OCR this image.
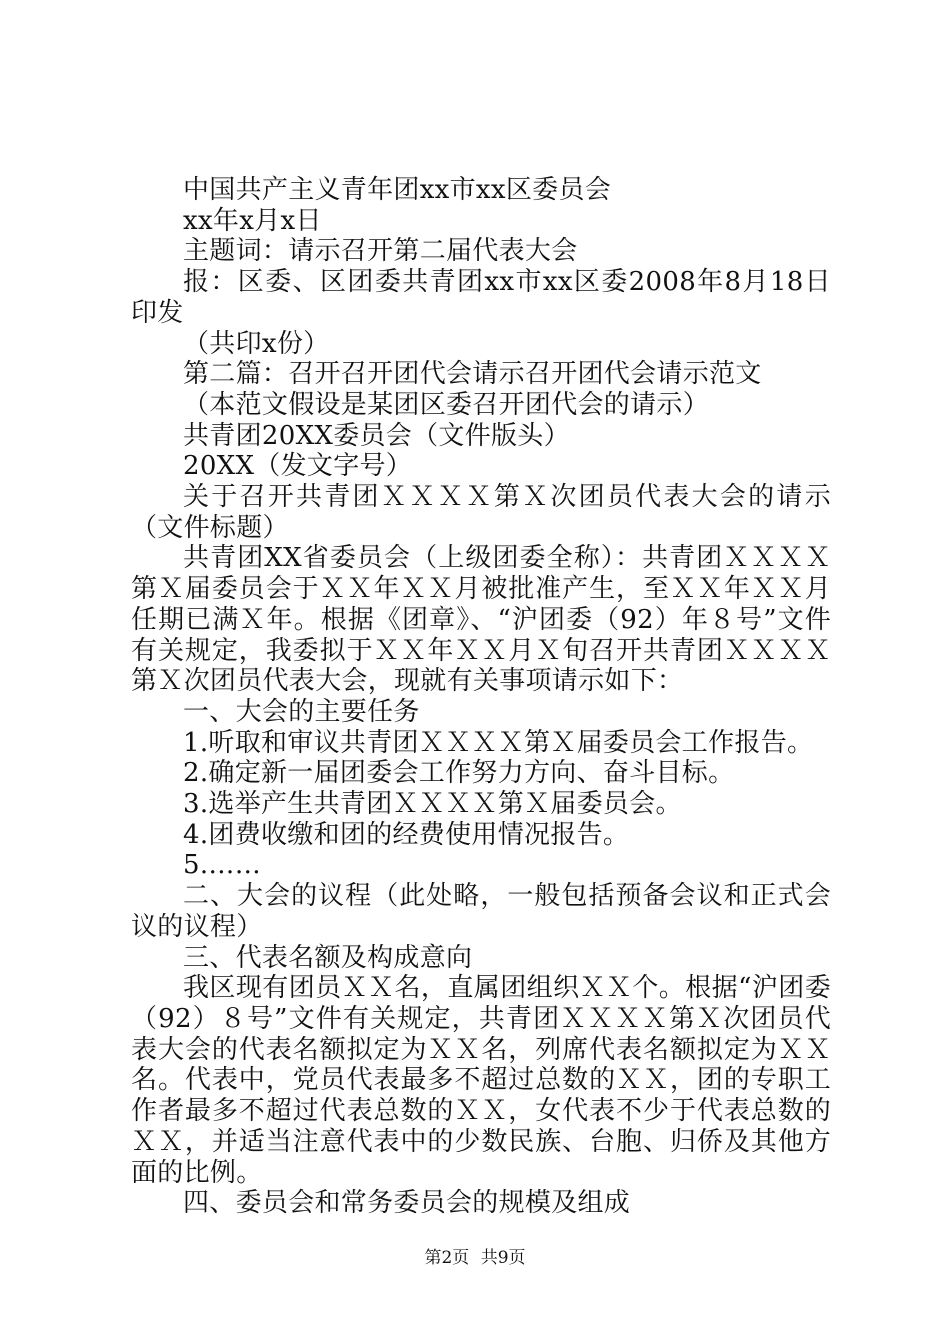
中国共产主义青年团xx市xx区委员会

xx年x月x日

主题词：请示召开第二届代表大会

报：区委、区团委共青团xx市xx区委2008年8月18日印发

（共印x份）

第二篇：召开召开团代会请示召开团代会请示范文

（本范文假设是某团区委召开团代会的请示）

共青团20XX委员会（文件版头）

20XX（发文字号）

关于召开共青团ＸＸＸＸ第Ｘ次团员代表大会的请示（文件标题）

共青团XX省委员会（上级团委全称）：共青团ＸＸＸＸ第Ｘ届委员会于ＸＸ年ＸＸ月被批准产生，至ＸＸ年ＸＸ月任期已满Ｘ年。根据《团章》、“沪团委（92）年８号”文件有关规定，我委拟于ＸＸ年ＸＸ月Ｘ旬召开共青团ＸＸＸＸ第Ｘ次团员代表大会，现就有关事项请示如下：

一、大会的主要任务

1.听取和审议共青团ＸＸＸＸ第Ｘ届委员会工作报告。

2.确定新一届团委会工作努力方向、奋斗目标。

3.选举产生共青团ＸＸＸＸ第Ｘ届委员会。

4.团费收缴和团的经费使用情况报告。

5.……

二、大会的议程（此处略，一般包括预备会议和正式会议的议程）

三、代表名额及构成意向

我区现有团员ＸＸ名，直属团组织ＸＸ个。根据“沪团委（92）８号”文件有关规定，共青团ＸＸＸＸ第Ｘ次团员代表大会的代表名额拟定为ＸＸ名，列席代表名额拟定为ＸＸ名。代表中，党员代表最多不超过总数的ＸＸ，团的专职工作者最多不超过代表总数的ＸＸ，女代表不少于代表总数的ＸＸ，并适当注意代表中的少数民族、台胞、归侨及其他方面的比例。

四、委员会和常务委员会的规模及组成

第2页 共9页
